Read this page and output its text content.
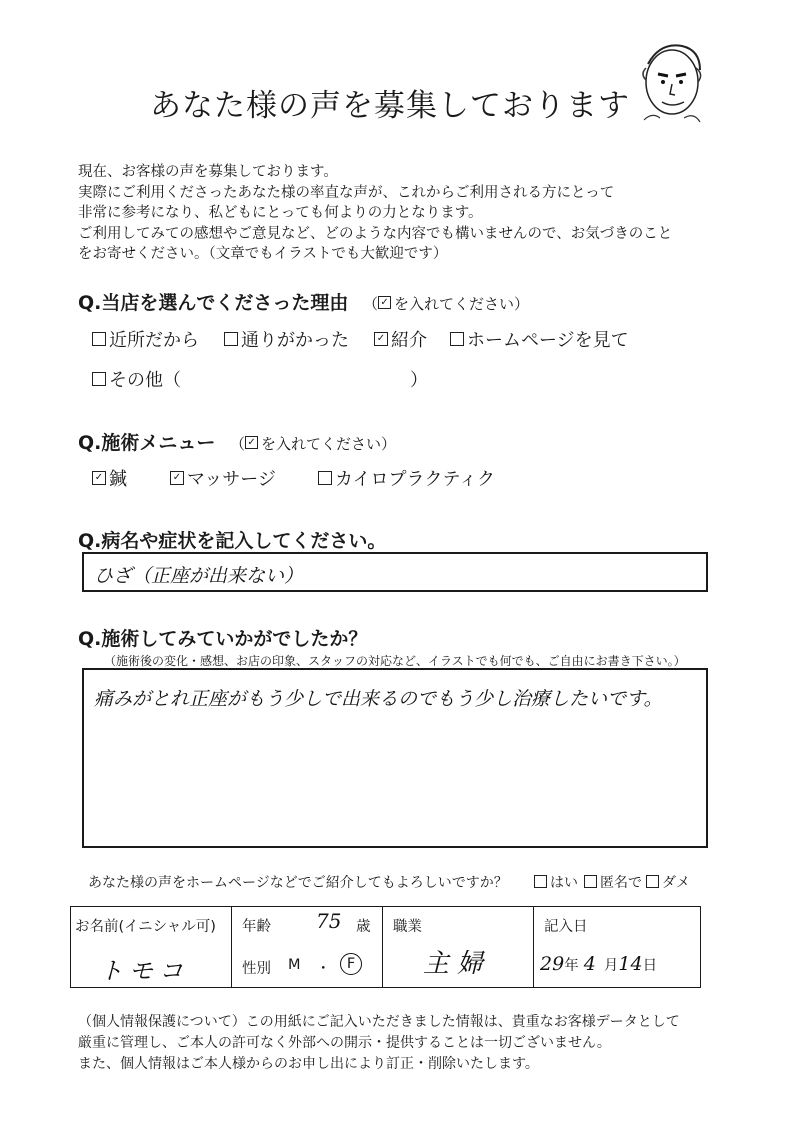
あなた様の声を募集しております
現在、お客様の声を募集しております。
実際にご利用くださったあなた様の率直な声が、これからご利用される方にとって
非常に参考になり、私どもにとっても何よりの力となります。
ご利用してみての感想やご意見など、どのような内容でも構いませんので、お気づきのこと
をお寄せください。（文章でもイラストでも大歓迎です）
Q.当店を選んでくださった理由 （ ✓ を入れてください）
近所だから	通りがかった	✓ 紹介	ホームページを見て
その他（	）
Q.施術メニュー （ ✓ を入れてください）
✓ 鍼	✓ マッサージ	カイロプラクティク
Q.病名や症状を記入してください。
ひざ（正座が出来ない）
Q.施術してみていかがでしたか？
（施術後の変化・感想、お店の印象、スタッフの対応など、イラストでも何でも、ご自由にお書き下さい。）
痛みがとれ正座がもう少しで出来るのでもう少し治療したいです。
あなた様の声をホームページなどでご紹介してもよろしいですか？	はい	匿名で	ダメ
お名前(イニシャル可)
トモコ

年齢 75 歳
性別 M ・	F

職業
主婦

記入日
29年 4 月14日
（個人情報保護について）この用紙にご記入いただきました情報は、貴重なお客様データとして
厳重に管理し、ご本人の許可なく外部への開示・提供することは一切ございません。
また、個人情報はご本人様からのお申し出により訂正・削除いたします。
